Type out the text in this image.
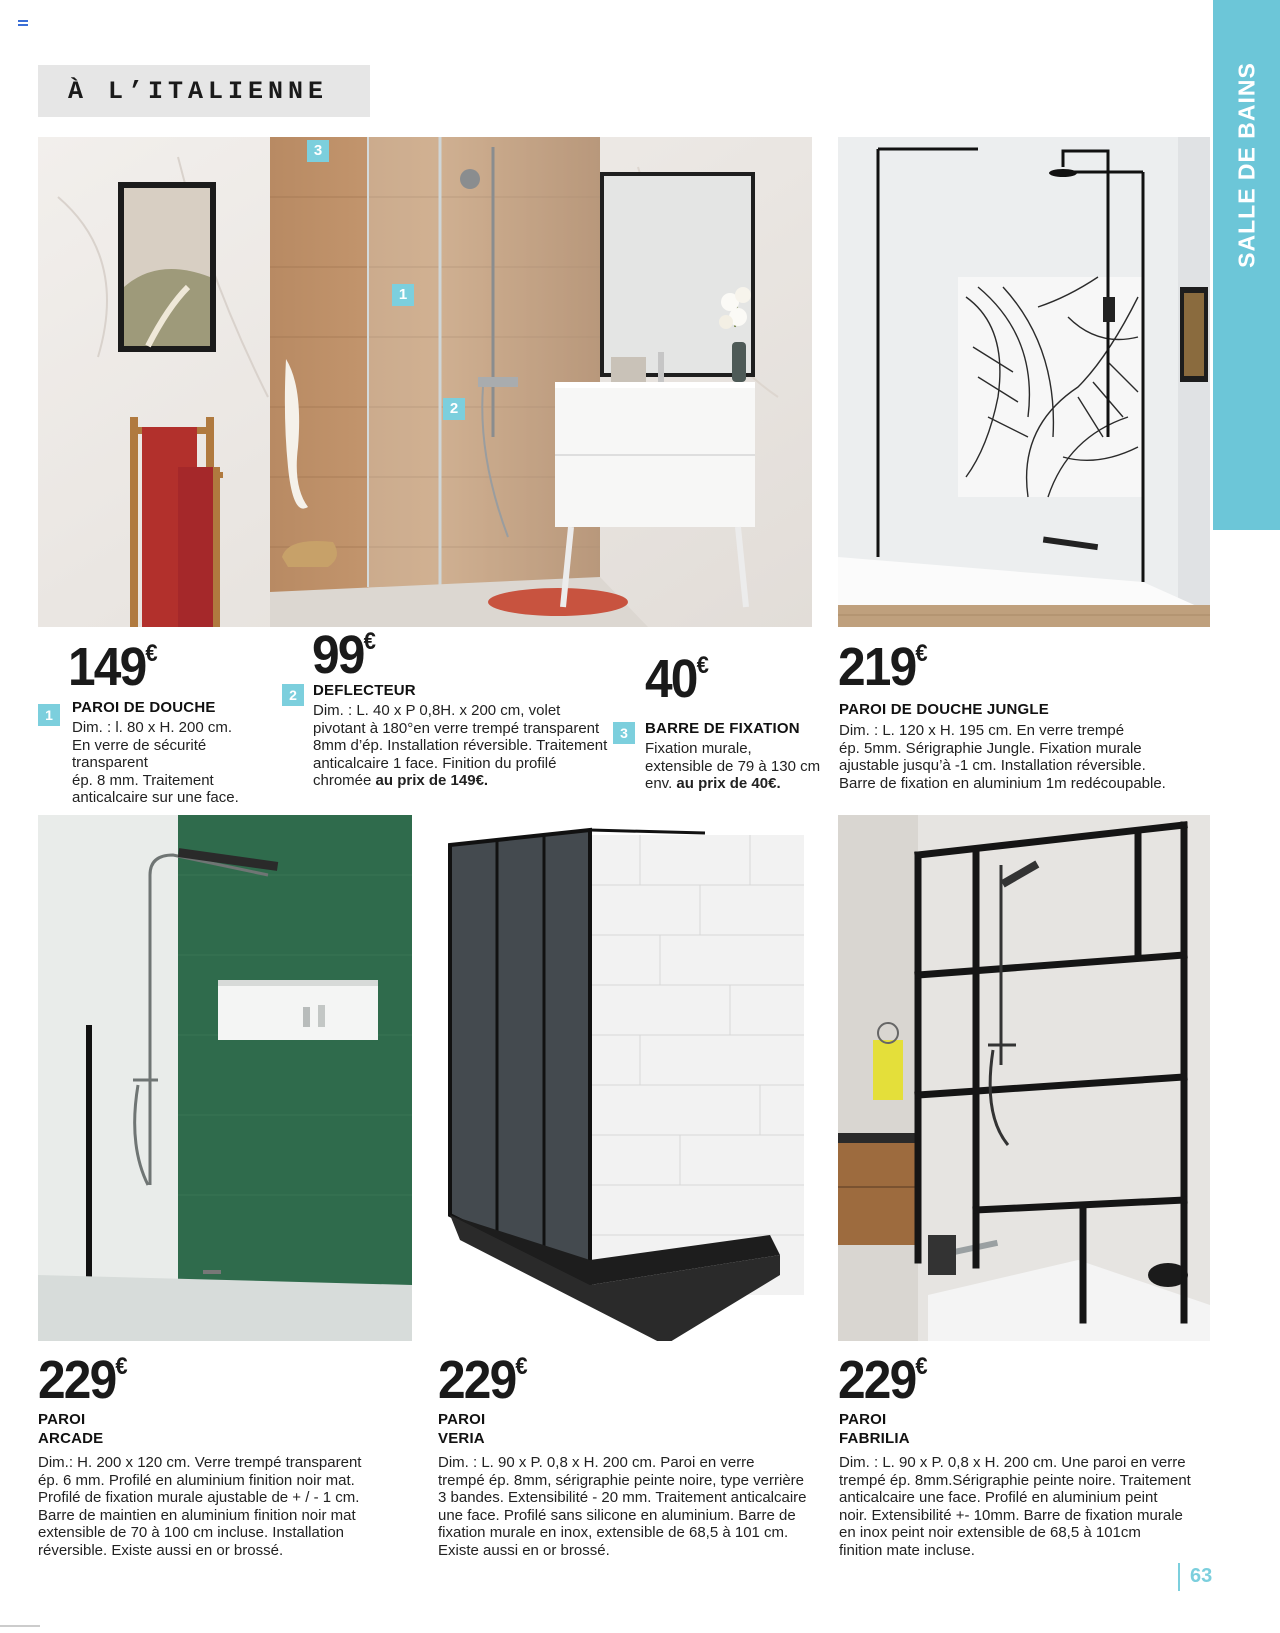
À L’ITALIENNE	SALLE DE BAINS
3
1
2
149€
1	PAROI DE DOUCHE
Dim. : l. 80 x H. 200 cm.
En verre de sécurité transparent
ép. 8 mm. Traitement
anticalcaire sur une face.
99€
2	DEFLECTEUR
Dim. : L. 40 x P 0,8H. x 200 cm, volet
pivotant à 180°en verre trempé transparent
8mm d’ép. Installation réversible. Traitement
anticalcaire 1 face. Finition du profilé
chromée au prix de 149€.
40€
3	BARRE DE FIXATION
Fixation murale,
extensible de 79 à 130 cm
env. au prix de 40€.
219€
PAROI DE DOUCHE JUNGLE
Dim. : L. 120 x H. 195 cm. En verre trempé
ép. 5mm. Sérigraphie Jungle. Fixation murale
ajustable jusqu’à -1 cm. Installation réversible.
Barre de fixation en aluminium 1m redécoupable.
229€
PAROI
ARCADE
Dim.: H. 200 x 120 cm. Verre trempé transparent
ép. 6 mm. Profilé en aluminium finition noir mat.
Profilé de fixation murale ajustable de + / - 1 cm.
Barre de maintien en aluminium finition noir mat
extensible de 70 à 100 cm incluse. Installation
réversible. Existe aussi en or brossé.
229€
PAROI
VERIA
Dim. : L. 90 x P. 0,8 x H. 200 cm. Paroi en verre
trempé ép. 8mm, sérigraphie peinte noire, type verrière
3 bandes. Extensibilité - 20 mm. Traitement anticalcaire
une face. Profilé sans silicone en aluminium. Barre de
fixation murale en inox, extensible de 68,5 à 101 cm.
Existe aussi en or brossé.
229€
PAROI
FABRILIA
Dim. : L. 90 x P. 0,8 x H. 200 cm. Une paroi en verre
trempé ép. 8mm.Sérigraphie peinte noire. Traitement
anticalcaire une face. Profilé en aluminium peint
noir. Extensibilité +- 10mm. Barre de fixation murale
en inox peint noir extensible de 68,5 à 101cm
finition mate incluse.
63
